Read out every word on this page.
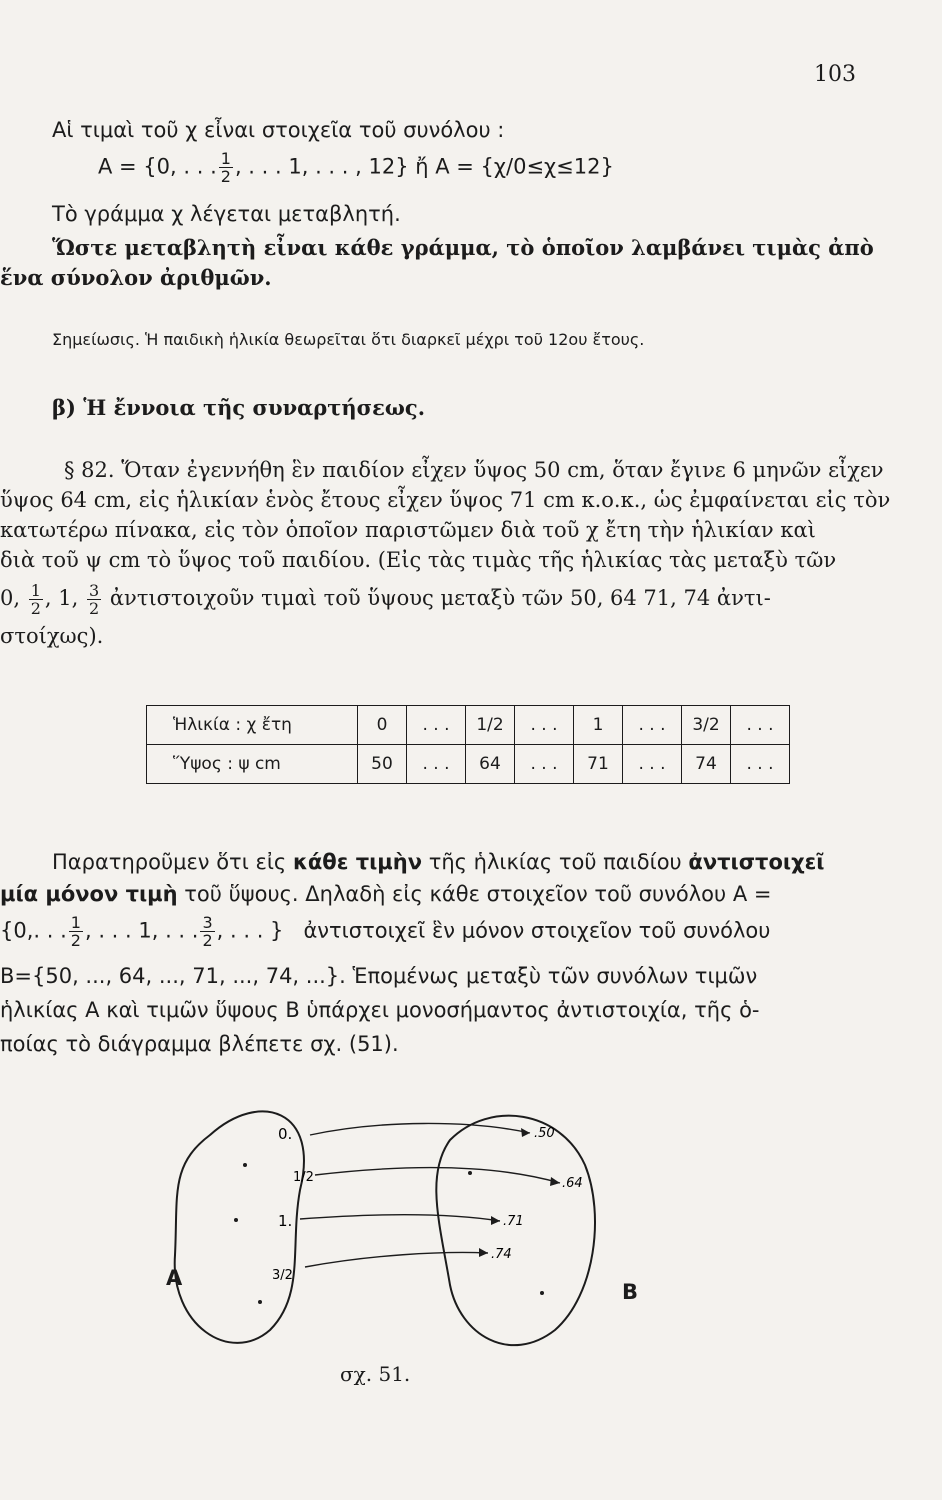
103
Αἱ τιμαὶ τοῦ χ εἶναι στοιχεῖα τοῦ συνόλου :
A = {0, . . . $\frac{1}{2}$ , . . . 1, . . . , 12} ἤ A = {χ/0≤χ≤12}
Τὸ γράμμα χ λέγεται μεταβλητή.
Ὥστε μεταβλητὴ εἶναι κάθε γράμμα, τὸ ὁποῖον λαμβάνει τιμὰς ἀπὸ
ἕνα σύνολον ἀριθμῶν.
Σημείωσις. Ἡ παιδικὴ ἡλικία θεωρεῖται ὅτι διαρκεῖ μέχρι τοῦ 12ου ἔτους.
β) Ἡ ἔννοια τῆς συναρτήσεως.
§ 82. Ὅταν ἐγεννήθη ἓν παιδίον εἶχεν ὕψος 50 cm, ὅταν ἔγινε 6 μηνῶν εἶχεν
ὕψος 64 cm, εἰς ἡλικίαν ἑνὸς ἔτους εἶχεν ὕψος 71 cm κ.ο.κ., ὡς ἐμφαίνεται εἰς τὸν
κατωτέρω πίνακα, εἰς τὸν ὁποῖον παριστῶμεν διὰ τοῦ χ ἔτη τὴν ἡλικίαν καὶ
διὰ τοῦ ψ cm τὸ ὕψος τοῦ παιδίου. (Εἰς τὰς τιμὰς τῆς ἡλικίας τὰς μεταξὺ τῶν
0, $\frac{1}{2}$ , 1, $\frac{3}{2}$ ἀντιστοιχοῦν τιμαὶ τοῦ ὕψους μεταξὺ τῶν 50, 64 71, 74 ἀντι-
στοίχως).
Ἡλικία : χ ἔτη	0	. . .	1/2	. . .	1	. . .	3/2	. . .
Ὕψος : ψ cm	50	. . .	64	. . .	71	. . .	74	. . .
Παρατηροῦμεν ὅτι εἰς κάθε τιμὴν τῆς ἡλικίας τοῦ παιδίου ἀντιστοιχεῖ
μία μόνον τιμὴ τοῦ ὕψους. Δηλαδὴ εἰς κάθε στοιχεῖον τοῦ συνόλου A =
{0,. . . $\frac{1}{2}$ , . . . 1, . . . $\frac{3}{2}$ , . . . } ἀντιστοιχεῖ ἓν μόνον στοιχεῖον τοῦ συνόλου
B={50, ..., 64, ..., 71, ..., 74, ...}. Ἑπομένως μεταξὺ τῶν συνόλων τιμῶν
ἡλικίας A καὶ τιμῶν ὕψους B ὑπάρχει μονοσήμαντος ἀντιστοιχία, τῆς ὁ-
ποίας τὸ διάγραμμα βλέπετε σχ. (51).
0.
1/2
1.
3/2
.50
.64
.71
.74
A
B
σχ. 51.
